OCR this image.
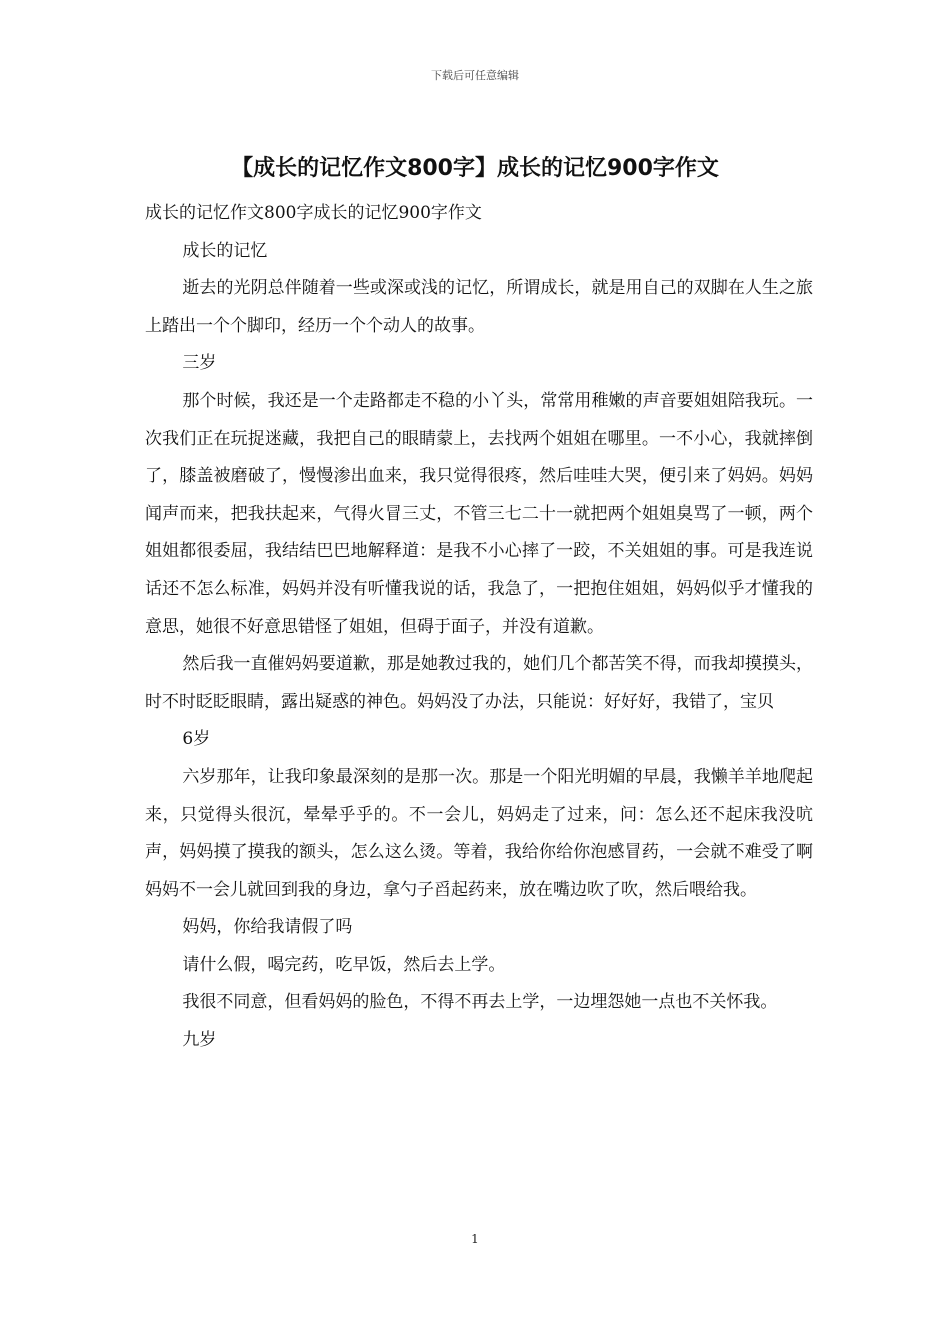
下载后可任意编辑
【成长的记忆作文800字】成长的记忆900字作文

成长的记忆作文800字成长的记忆900字作文

成长的记忆

逝去的光阴总伴随着一些或深或浅的记忆，所谓成长，就是用自己的双脚在人生之旅上踏出一个个脚印，经历一个个动人的故事。

三岁

那个时候，我还是一个走路都走不稳的小丫头，常常用稚嫩的声音要姐姐陪我玩。一次我们正在玩捉迷藏，我把自己的眼睛蒙上，去找两个姐姐在哪里。一不小心，我就摔倒了，膝盖被磨破了，慢慢渗出血来，我只觉得很疼，然后哇哇大哭，便引来了妈妈。妈妈闻声而来，把我扶起来，气得火冒三丈，不管三七二十一就把两个姐姐臭骂了一顿，两个姐姐都很委屈，我结结巴巴地解释道：是我不小心摔了一跤，不关姐姐的事。可是我连说话还不怎么标准，妈妈并没有听懂我说的话，我急了，一把抱住姐姐，妈妈似乎才懂我的意思，她很不好意思错怪了姐姐，但碍于面子，并没有道歉。

然后我一直催妈妈要道歉，那是她教过我的，她们几个都苦笑不得，而我却摸摸头，时不时眨眨眼睛，露出疑惑的神色。妈妈没了办法，只能说：好好好，我错了，宝贝

6岁

六岁那年，让我印象最深刻的是那一次。那是一个阳光明媚的早晨，我懒羊羊地爬起来，只觉得头很沉，晕晕乎乎的。不一会儿，妈妈走了过来，问：怎么还不起床我没吭声，妈妈摸了摸我的额头，怎么这么烫。等着，我给你给你泡感冒药，一会就不难受了啊妈妈不一会儿就回到我的身边，拿勺子舀起药来，放在嘴边吹了吹，然后喂给我。

妈妈，你给我请假了吗

请什么假，喝完药，吃早饭，然后去上学。

我很不同意，但看妈妈的脸色，不得不再去上学，一边埋怨她一点也不关怀我。

九岁

1
